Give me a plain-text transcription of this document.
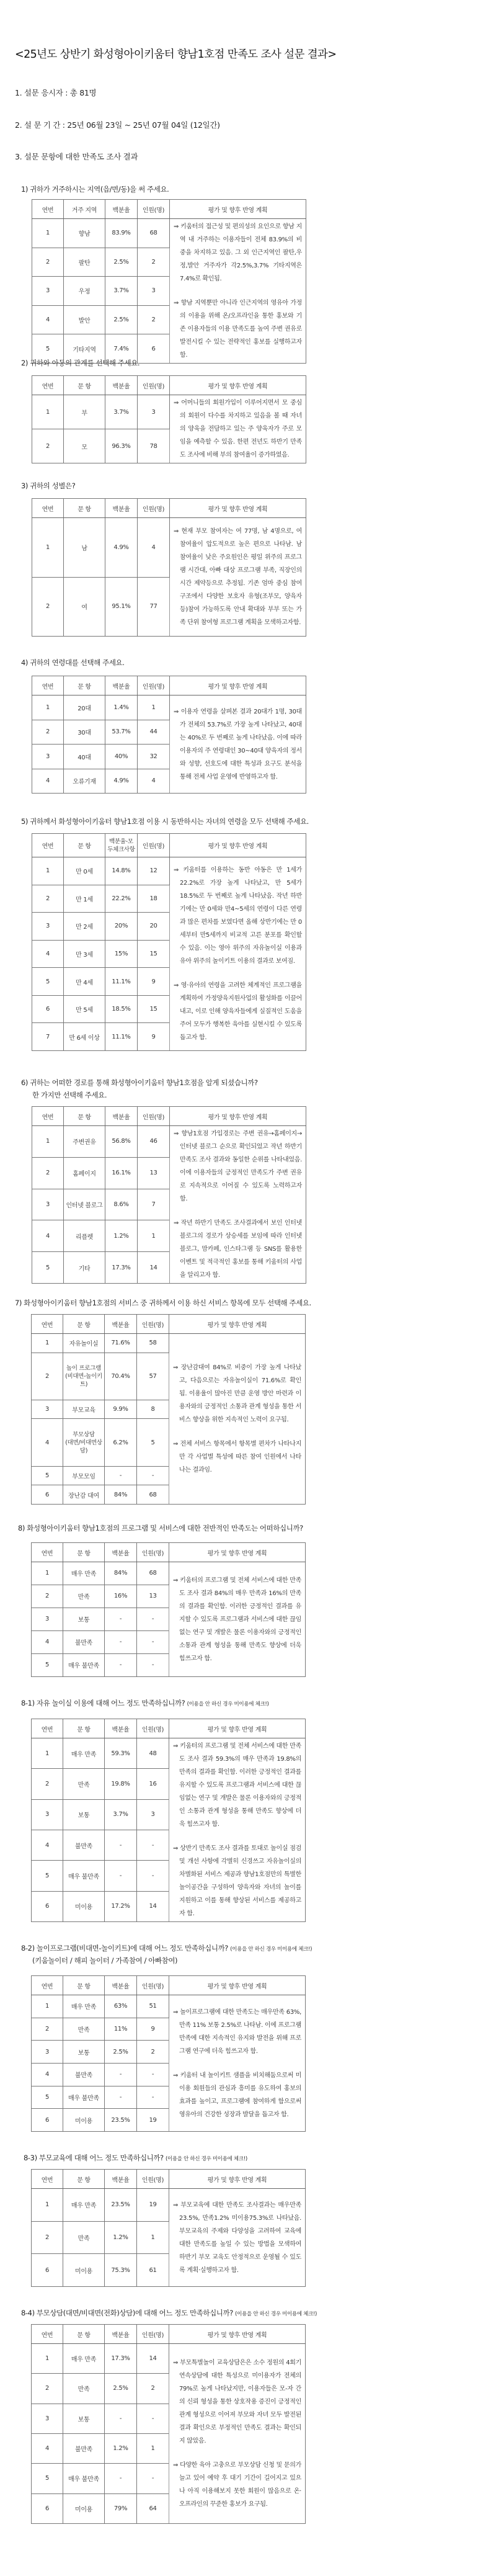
<25년도 상반기 화성형아이키움터 향남1호점 만족도 조사 설문 결과>
1. 설문 응시자 : 총 81명
2. 설 문 기 간 : 25년 06월 23일 ~ 25년 07월 04일 (12일간)
3. 설문 문항에 대한 만족도 조사 결과
1) 귀하가 거주하시는 지역(읍/면/동)을 써 주세요.
연번	거주 지역	백분율	인원(명)	평가 및 향후 반영 계획
1	향남	83.9%	68	⇒ 키움터의 접근성 및 편의성의 요인으로 향남 지역 내 거주하는 이용자들이 전체 83.9%의 비중을 차지하고 있음. 그 외 인근지역인 팔탄,우정,발안 거주자가 각2.5%,3.7% 기타지역은7.4%로 확인됨.

⇒ 향남 지역뿐만 아니라 인근지역의 영유아 가정의 이용을 위해 온/오프라인을 통한 홍보와 기존 이용자들의 이용 만족도를 높여 주변 권유로 발전시킬 수 있는 전략적인 홍보를 실행하고자 함.

2	팔탄	2.5%	2	
3	우정	3.7%	3	
4	발안	2.5%	2	
5	기타지역	7.4%	6	
2) 귀하와 아동의 관계를 선택해 주세요.
연번	문 항	백분율	인원(명)	평가 및 향후 반영 계획
1	부	3.7%	3	⇒ 어머니들의 회원가입이 이루어지면서 모 중심의 회원이 다수를 차지하고 있음을 볼 때 자녀의 양육을 전담하고 있는 주 양육자가 주로 모임을 예측할 수 있음. 한편 전년도 하반기 만족도 조사에 비해 부의 참여율이 증가하였음.

2	모	96.3%	78	
3) 귀하의 성별은?
연번	문 항	백분율	인원(명)	평가 및 향후 반영 계획
1	남	4.9%	4	⇒ 현재 부모 참여자는 여 77명, 남 4명으로, 여 참여율이 압도적으로 높은 편으로 나타남. 남 참여율이 낮은 주요원인은 평일 위주의 프로그램 시간대, 아빠 대상 프로그램 부족, 직장인의 시간 제약등으로 추정됨. 기존 엄마 중심 참여 구조에서 다양한 보호자 유형(조부모, 양육자 등)참여 가능하도록 안내 확대와 부부 또는 가족 단위 참여형 프로그램 계획을 모색하고자함.

2	여	95.1%	77	
4) 귀하의 연령대를 선택해 주세요.
연번	문 항	백분율	인원(명)	평가 및 향후 반영 계획
1	20대	1.4%	1	⇒ 이용자 연령을 살펴본 결과 20대가 1명, 30대가 전체의 53.7%로 가장 높게 나타났고, 40대는 40%로 두 번째로 높게 나타났음. 이에 따라 이용자의 주 연령대인 30~40대 양육자의 정서와 성향, 선호도에 대한 특성과 요구도 분석을 통해 전체 사업 운영에 반영하고자 함.

2	30대	53.7%	44	
3	40대	40%	32	
4	오류기재	4.9%	4	
5) 귀하께서 화성형아이키움터 향남1호점 이용 시 동반하시는 자녀의 연령을 모두 선택해 주세요.
연번	문 항	백분율-모
두체크사항	인원(명)	평가 및 향후 반영 계획
1	만 0세	14.8%	12	⇒ 키움터를 이용하는 동반 아동은 만 1세가 22.2%로 가장 높게 나타났고, 만 5세가 18.5%로 두 번째로 높게 나타났음. 작년 하반기에는 만 0세와 만4~5세의 연령이 다른 연령과 많은 편차를 보였다면 올해 상반기에는 만 0세부터 만5세까지 비교적 고른 분포를 확인할 수 있음. 이는 영아 위주의 자유놀이실 이용과 유아 위주의 놀이키트 이용의 결과로 보여짐.

⇒ 영·유아의 연령을 고려한 체계적인 프로그램을 계획하여 가정양육지원사업의 활성화를 이끌어내고, 이로 인해 양육자들에게 실질적인 도움을 주어 모두가 행복한 육아를 실현시킬 수 있도록 돕고자 함.

2	만 1세	22.2%	18	
3	만 2세	20%	20	
4	만 3세	15%	15	
5	만 4세	11.1%	9	
6	만 5세	18.5%	15	
7	만 6세 이상	11.1%	9	
6) 귀하는 어떠한 경로를 통해 화성형아이키움터 향남1호점을 알게 되셨습니까?
한 가지만 선택해 주세요.
연번	문 항	백분율	인원(명)	평가 및 향후 반영 계획
1	주변권유	56.8%	46	⇒ 향남1호점 가입경로는 주변 권유→홈페이지→인터넷 블로그 순으로 확인되었고 작년 하반기 만족도 조사 결과와 동일한 순위를 나타내었음. 이에 이용자들의 긍정적인 만족도가 주변 권유로 지속적으로 이어질 수 있도록 노력하고자 함.

⇒ 작년 하반기 만족도 조사결과에서 보인 인터넷 블로그의 경로가 상승세를 보임에 따라 인터넷 블로그, 맘카페, 인스타그램 등 SNS를 활용한 이벤트 및 적극적인 홍보를 통해 키움터의 사업을 알리고자 함.

2	홈페이지	16.1%	13	
3	인터넷 블로그	8.6%	7	
4	리플렛	1.2%	1	
5	기타	17.3%	14	
7) 화성형아이키움터 향남1호점의 서비스 중 귀하께서 이용 하신 서비스 항목에 모두 선택해 주세요.
연번	문 항	백분율	인원(명)	평가 및 향후 반영 계획
1	자유놀이실	71.6%	58	⇒ 장난감대여 84%로 비중이 가장 높게 나타났고, 다음으로는 자유놀이실이 71.6%로 확인됨. 이용율이 많아진 만큼 운영 방안 마련과 이용자와의 긍정적인 소통과 관계 형성을 통한 서비스 향상을 위한 지속적인 노력이 요구됨.

⇒ 전체 서비스 항목에서 항목별 편차가 나타나지만 각 사업별 특성에 따른 참여 인원에서 나타나는 결과임.

2	놀이 프로그램
(비대면-놀이키트)	70.4%	57	
3	부모교육	9.9%	8	
4	부모상담
(대면/비대면상담)	6.2%	5	
5	부모모임	-	-	
6	장난감 대여	84%	68	
8) 화성형아이키움터 향남1호점의 프로그램 및 서비스에 대한 전반적인 만족도는 어떠하십니까?
연번	문 항	백분율	인원(명)	평가 및 향후 반영 계획
1	매우 만족	84%	68	⇒ 키움터의 프로그램 및 전체 서비스에 대한 만족도 조사 결과 84%의 매우 만족과 16%의 만족의 결과를 확인함. 이러한 긍정적인 결과를 유지할 수 있도록 프로그램과 서비스에 대한 끊임없는 연구 및 개발은 물론 이용자와의 긍정적인 소통과 관계 형성을 통해 만족도 향상에 더욱 힘쓰고자 함.

2	만족	16%	13	
3	보통	-	-	
4	불만족	-	-	
5	매우 불만족	-	-	
8-1) 자유 놀이실 이용에 대해 어느 정도 만족하십니까? (이용을 안 하신 경우 미이용에 체크!)
연번	문 항	백분율	인원(명)	평가 및 향후 반영 계획
1	매우 만족	59.3%	48	⇒ 키움터의 프로그램 및 전체 서비스에 대한 만족도 조사 결과 59.3%의 매우 만족과 19.8%의 만족의 결과를 확인함. 이러한 긍정적인 결과를 유지할 수 있도록 프로그램과 서비스에 대한 끊임없는 연구 및 개발은 물론 이용자와의 긍정적인 소통과 관계 형성을 통해 만족도 향상에 더욱 힘쓰고자 함.

⇒ 상반기 만족도 조사 결과를 토대로 놀이실 점검 및 개선 사항에 각별히 신경쓰고 자유놀이실의 차별화된 서비스 제공과 향남1호점만의 특별한 놀이공간을 구성하여 양육자와 자녀의 놀이를 지원하고 이를 통해 향상된 서비스를 제공하고자 함.

2	만족	19.8%	16	
3	보통	3.7%	3	
4	불만족	-	-	
5	매우 불만족	-	-	
6	미이용	17.2%	14	
8-2) 놀이프로그램(비대면-놀이키트)에 대해 어느 정도 만족하십니까? (이용을 안 하신 경우 미이용에 체크!)
(키움놀이터 / 해피 놀이터 / 가족참여 / 아빠참여)
연번	문 항	백분율	인원(명)	평가 및 향후 반영 계획
1	매우 만족	63%	51	⇒ 놀이프로그램에 대한 만족도는 매우만족 63%,만족 11% 보통 2.5%로 나타남. 이에 프로그램 만족에 대한 지속적인 유지와 발전을 위해 프로그램 연구에 더욱 힘쓰고자 함.

⇒ 키움터 내 놀이키트 샘플을 비치해둠으로써 미이용 회원들의 관심과 흥미를 유도하여 홍보의 효과를 높이고, 프로그램에 참여하게 함으로써 영유아의 건강한 성장과 발달을 돕고자 함.

2	만족	11%	9	
3	보통	2.5%	2	
4	불만족	-	-	
5	매우 불만족	-	-	
6	미이용	23.5%	19	
8-3) 부모교육에 대해 어느 정도 만족하십니까? (이용을 안 하신 경우 미이용에 체크!)
연번	문 항	백분율	인원(명)	평가 및 향후 반영 계획
1	매우 만족	23.5%	19	⇒ 부모교육에 대한 만족도 조사결과는 매우만족 23.5%, 만족1.2% 미이용75.3%로 나타났음. 부모교육의 주제와 다양성을 고려하여 교육에 대한 만족도를 높일 수 있는 방법을 모색하여 하반기 부모 교육도 안정적으로 운영될 수 있도록 계획·실행하고자 함.

2	만족	1.2%	1	
6	미이용	75.3%	61	
8-4) 부모상담(대면/비대면(전화)상담)에 대해 어느 정도 만족하십니까? (이용을 안 하신 경우 미이용에 체크!)
연번	문 항	백분율	인원(명)	평가 및 향후 반영 계획
1	매우 만족	17.3%	14	⇒ 부모특별놀이 교육상담은은 소수 정원의 4회기 연속상담에 대한 특성으로 미이용자가 전체의 79%로 높게 나타났지만, 이용자들은 모-자 간의 신뢰 형성을 통한 상호작용 증진이 긍정적인 관계 형성으로 이어져 부모와 자녀 모두 발전된 결과 확인으로 부정적인 만족도 결과는 확인되지 않았음.

⇒ 다양한 육아 고충으로 부모상담 신청 및 문의가 늘고 있어 예약 후 대기 기간이 길어지고 있으나 아직 이용해보지 못한 회원이 많음으로 온·오프라인의 꾸준한 홍보가 요구됨.

2	만족	2.5%	2	
3	보통	-	-	
4	불만족	1.2%	1	
5	매우 불만족	-	-	
6	미이용	79%	64	
